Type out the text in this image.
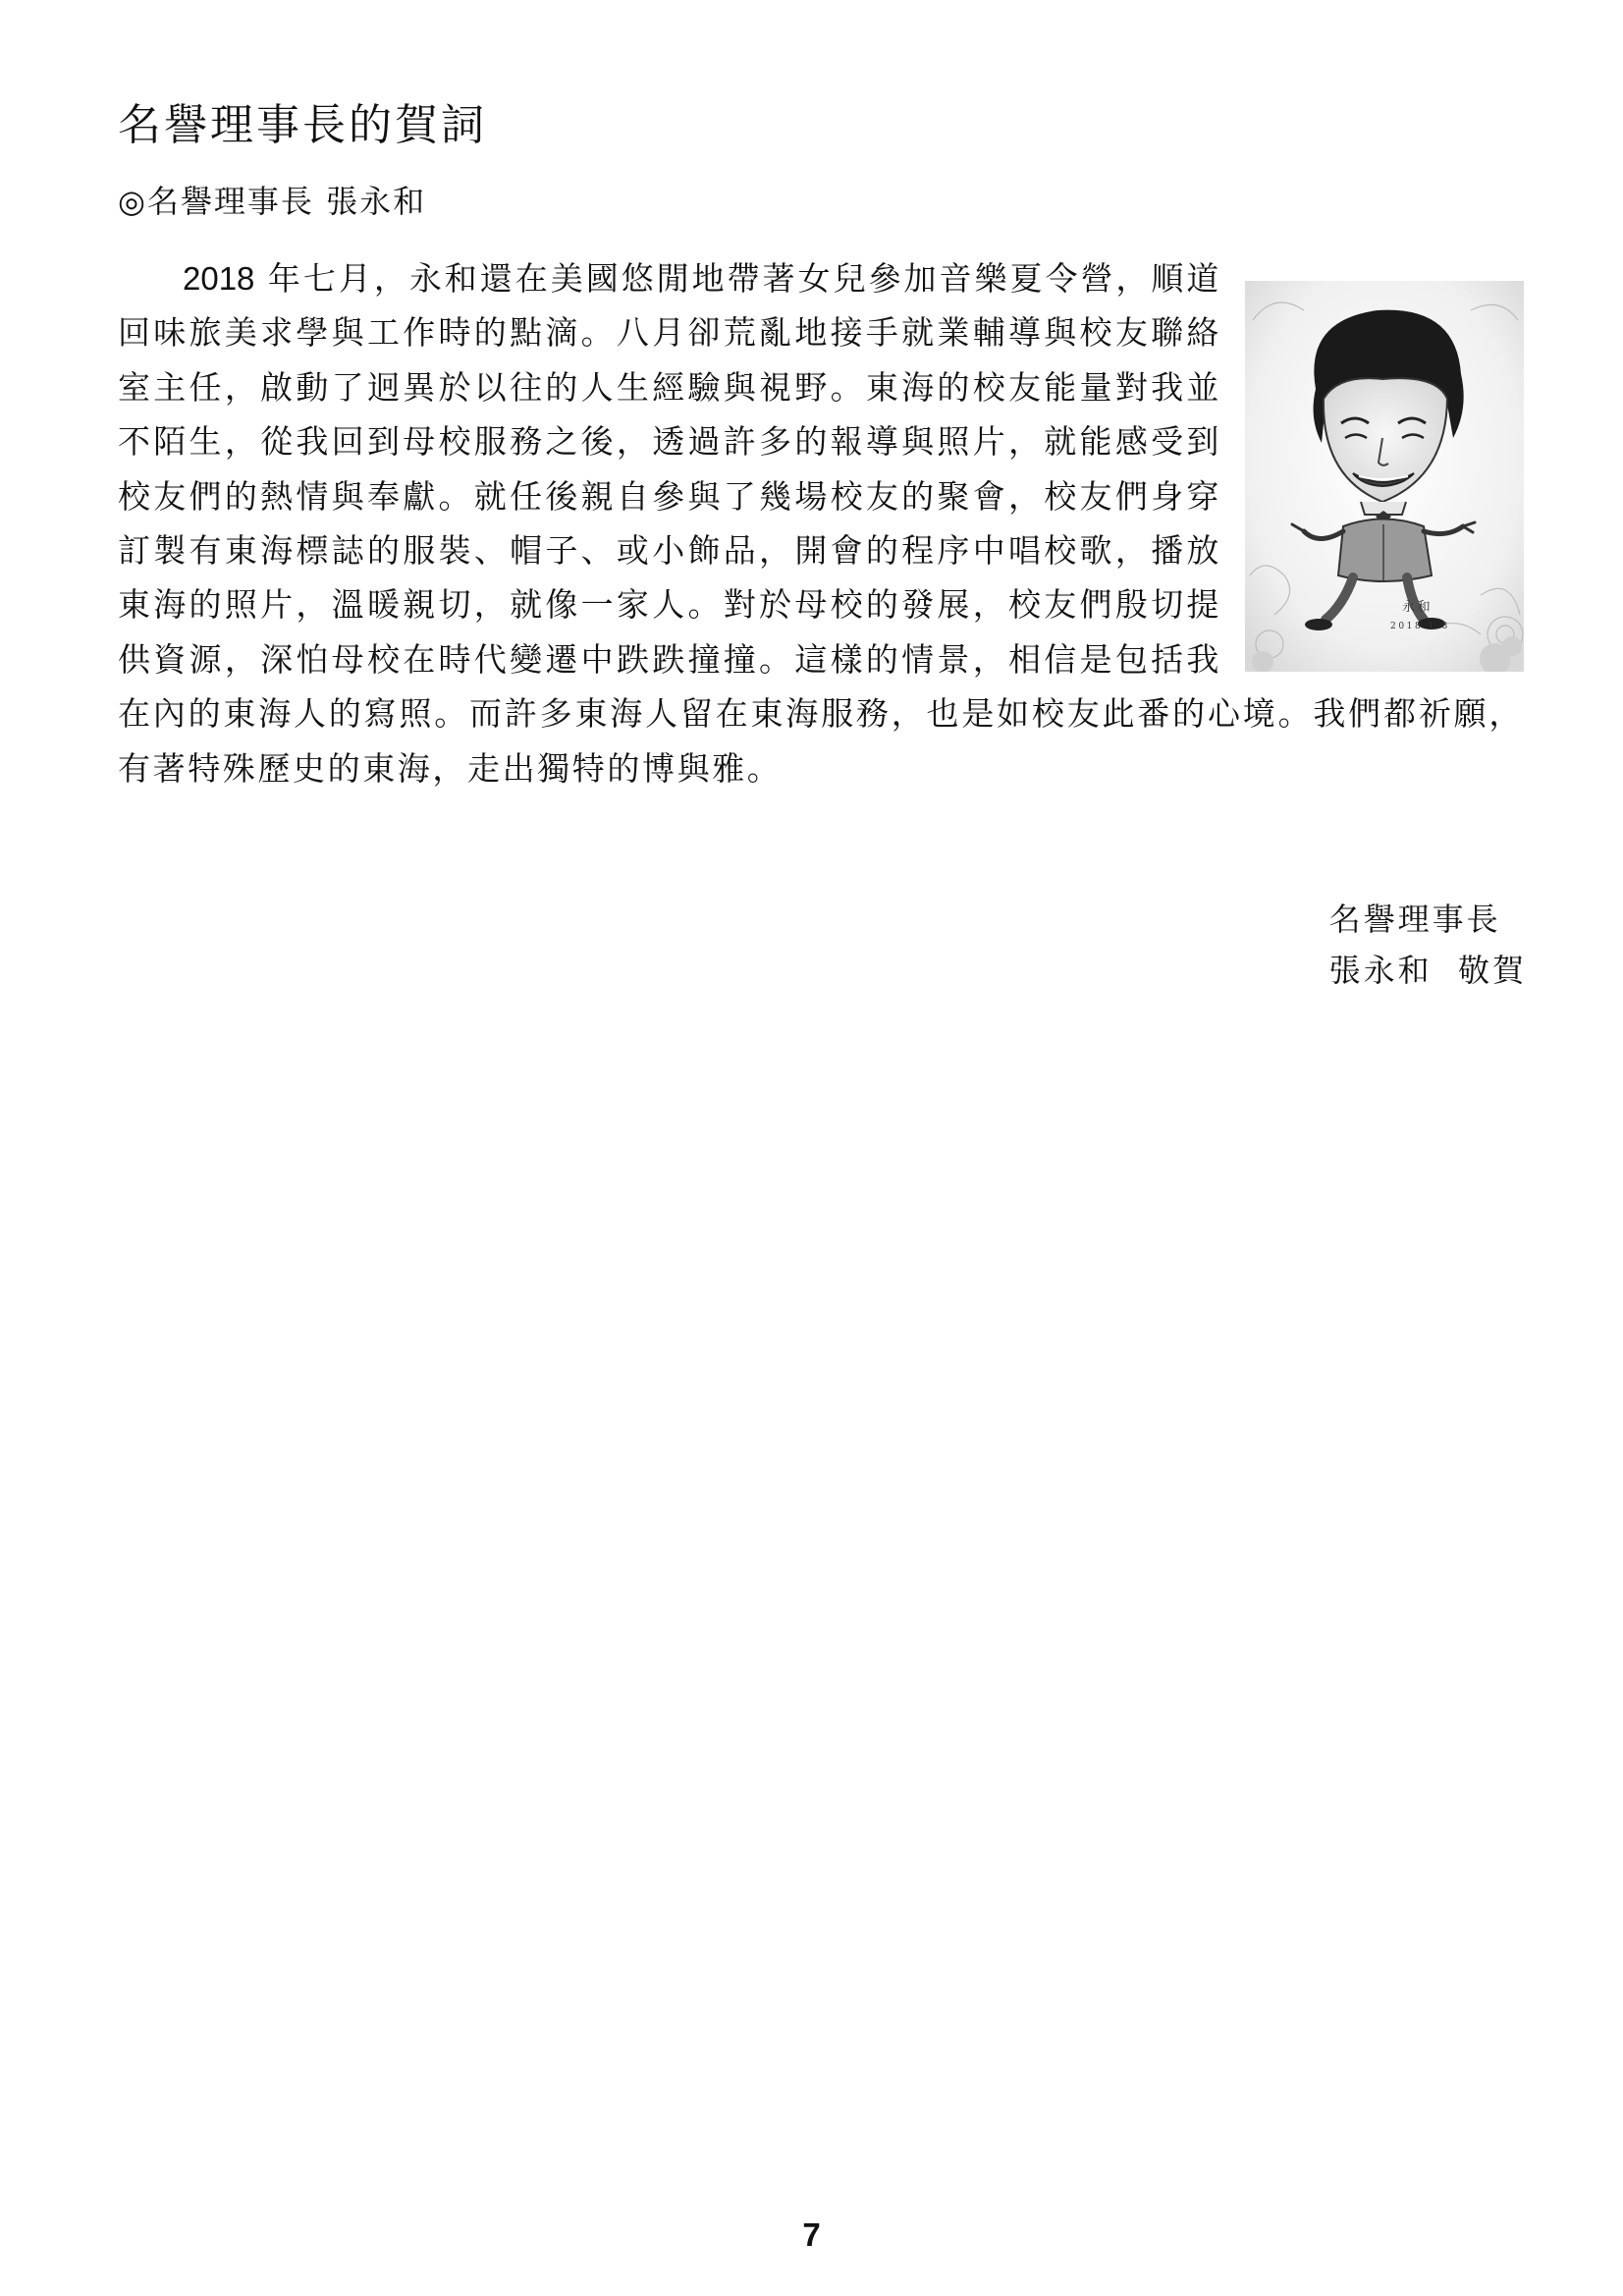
名譽理事長的賀詞

◎名譽理事長 張永和

永和
2018.1.8
2018 年七月，永和還在美國悠閒地帶著女兒參加音樂夏令營，順道回味旅美求學與工作時的點滴。八月卻荒亂地接手就業輔導與校友聯絡室主任，啟動了迥異於以往的人生經驗與視野。東海的校友能量對我並不陌生，從我回到母校服務之後，透過許多的報導與照片，就能感受到校友們的熱情與奉獻。就任後親自參與了幾場校友的聚會，校友們身穿訂製有東海標誌的服裝、帽子、或小飾品，開會的程序中唱校歌，播放東海的照片，溫暖親切，就像一家人。對於母校的發展，校友們殷切提供資源，深怕母校在時代變遷中跌跌撞撞。這樣的情景，相信是包括我在內的東海人的寫照。而許多東海人留在東海服務，也是如校友此番的心境。我們都祈願，有著特殊歷史的東海，走出獨特的博與雅。
名譽理事長
張永和  敬賀
7
